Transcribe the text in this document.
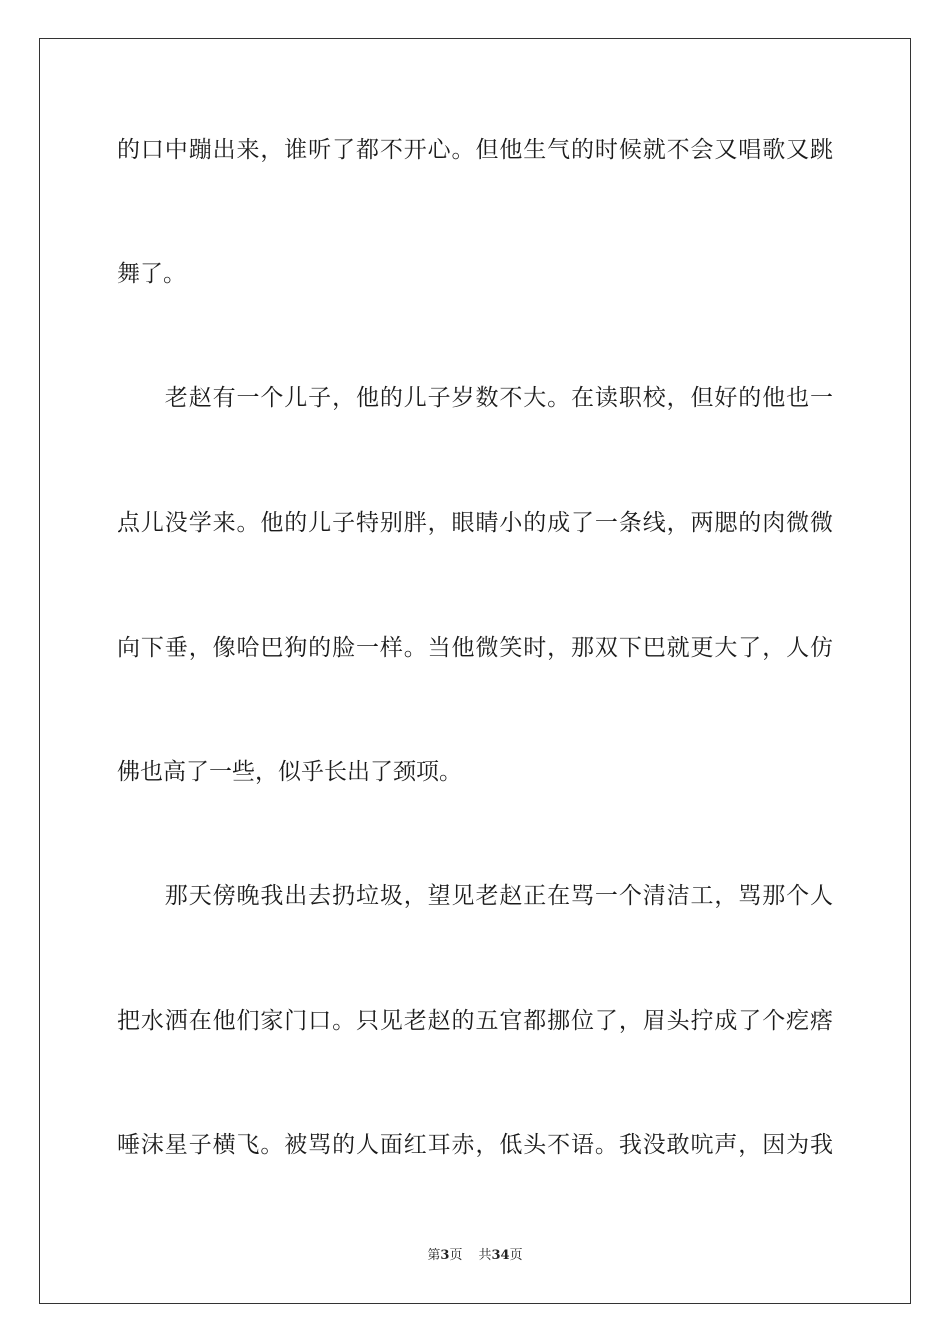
的口中蹦出来，谁听了都不开心。但他生气的时候就不会又唱歌又跳
舞了。
　　老赵有一个儿子，他的儿子岁数不大。在读职校，但好的他也一
点儿没学来。他的儿子特别胖，眼睛小的成了一条线，两腮的肉微微
向下垂，像哈巴狗的脸一样。当他微笑时，那双下巴就更大了，人仿
佛也高了一些，似乎长出了颈项。
　　那天傍晚我出去扔垃圾，望见老赵正在骂一个清洁工，骂那个人
把水洒在他们家门口。只见老赵的五官都挪位了，眉头拧成了个疙瘩
唾沫星子横飞。被骂的人面红耳赤，低头不语。我没敢吭声，因为我
第3页 共34页
